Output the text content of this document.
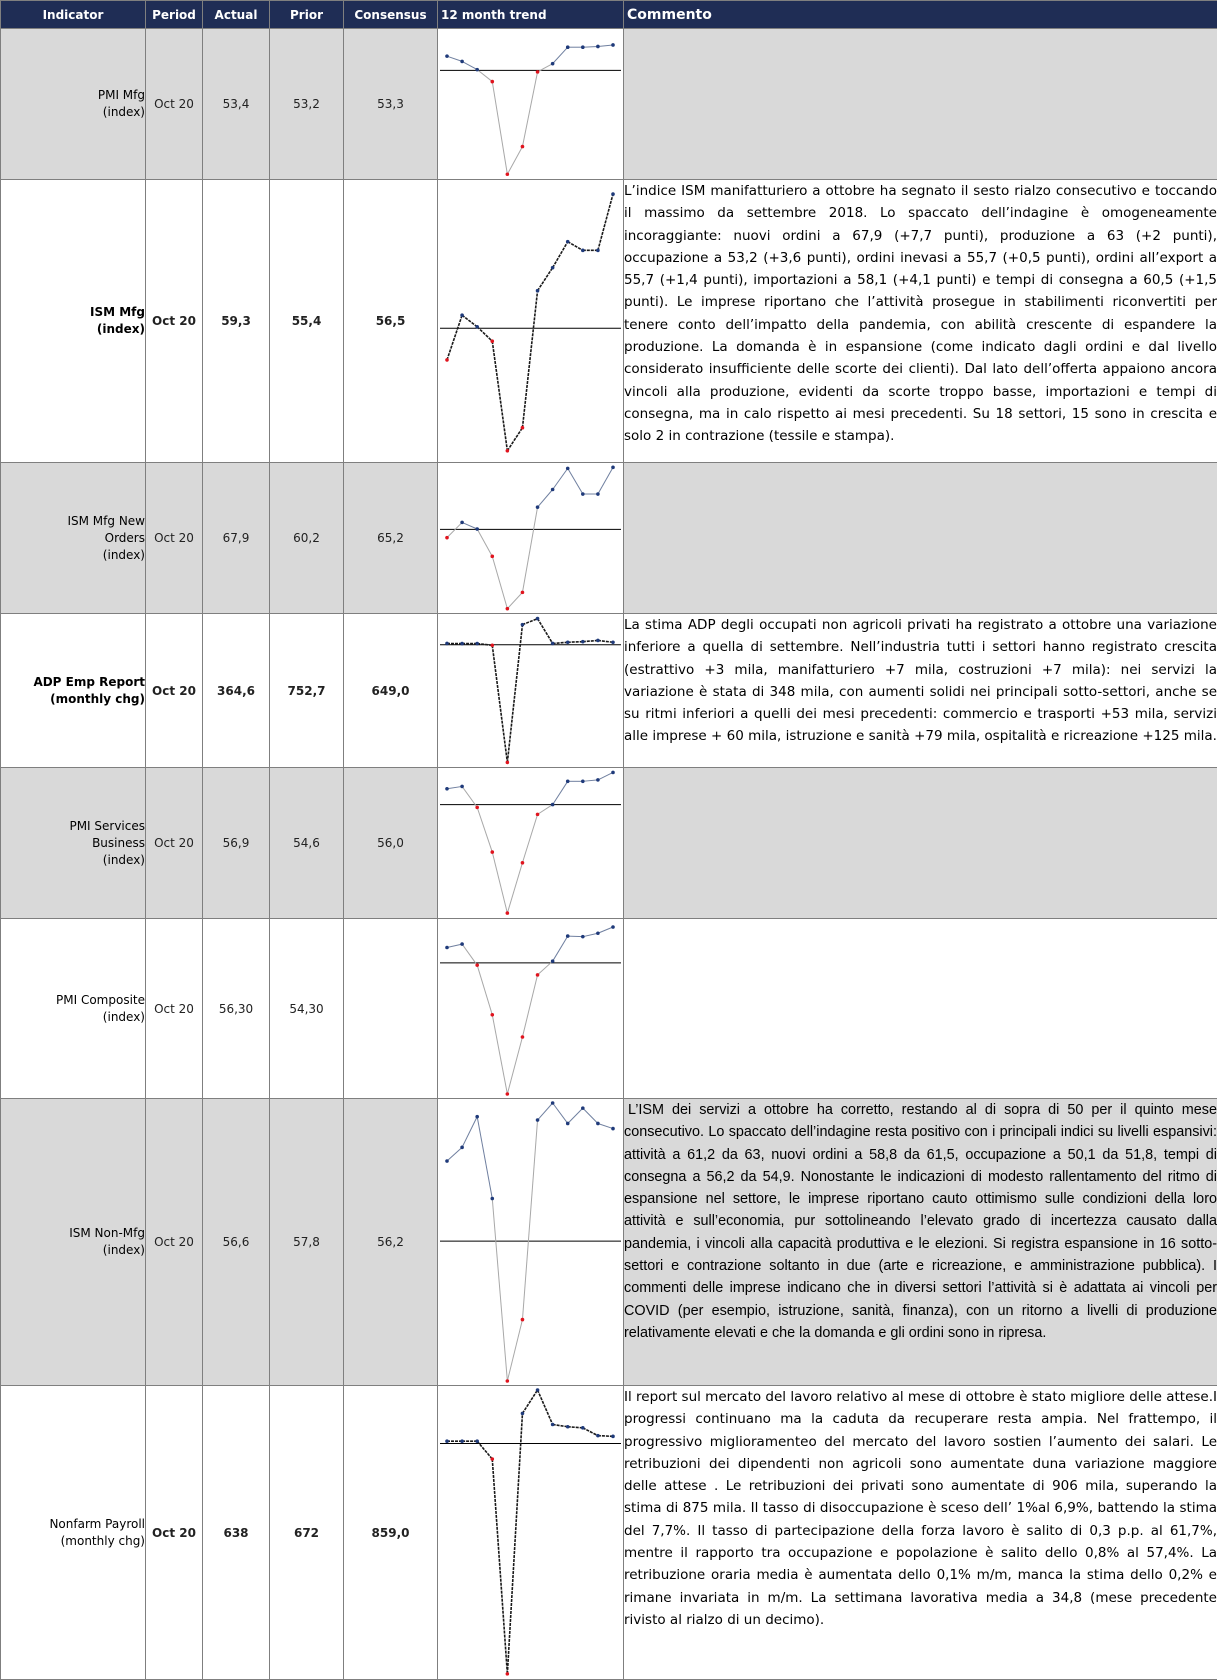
Indicator	Period	Actual	Prior	Consensus	12 month trend	Commento

PMI Mfg
(index)	Oct 20	53,4	53,2	53,3	

ISM Mfg
(index)	Oct 20	59,3	55,4	56,5		L’indice ISM manifatturiero a ottobre ha segnato il sesto rialzo consecutivo e toccando il massimo da settembre 2018. Lo spaccato dell’indagine è omogeneamente incoraggiante: nuovi ordini a 67,9 (+7,7 punti), produzione a 63 (+2 punti), occupazione a 53,2 (+3,6 punti), ordini inevasi a 55,7 (+0,5 punti), ordini all’export a 55,7 (+1,4 punti), importazioni a 58,1 (+4,1 punti) e tempi di consegna a 60,5 (+1,5 punti). Le imprese riportano che l’attività prosegue in stabilimenti riconvertiti per tenere conto dell’impatto della pandemia, con abilità crescente di espandere la produzione. La domanda è in espansione (come indicato dagli ordini e dal livello considerato insufficiente delle scorte dei clienti). Dal lato dell’offerta appaiono ancora vincoli alla produzione, evidenti da scorte troppo basse, importazioni e tempi di consegna, ma in calo rispetto ai mesi precedenti. Su 18 settori, 15 sono in crescita e solo 2 in contrazione (tessile e stampa).

ISM Mfg New
Orders
(index)	Oct 20	67,9	60,2	65,2	

ADP Emp Report
(monthly chg)	Oct 20	364,6	752,7	649,0		La stima ADP degli occupati non agricoli privati ha registrato a ottobre una variazione inferiore a quella di settembre. Nell’industria tutti i settori hanno registrato crescita (estrattivo +3 mila, manifatturiero +7 mila, costruzioni +7 mila): nei servizi la variazione è stata di 348 mila, con aumenti solidi nei principali sotto-settori, anche se su ritmi inferiori a quelli dei mesi precedenti: commercio e trasporti +53 mila, servizi alle imprese + 60 mila, istruzione e sanità +79 mila, ospitalità e ricreazione +125 mila.

PMI Services
Business
(index)	Oct 20	56,9	54,6	56,0	

PMI Composite
(index)	Oct 20	56,30	54,30		

ISM Non-Mfg
(index)	Oct 20	56,6	57,8	56,2		L’ISM dei servizi a ottobre ha corretto, restando al di sopra di 50 per il quinto mese consecutivo. Lo spaccato dell’indagine resta positivo con i principali indici su livelli espansivi: attività a 61,2 da 63, nuovi ordini a 58,8 da 61,5, occupazione a 50,1 da 51,8, tempi di consegna a 56,2 da 54,9. Nonostante le indicazioni di modesto rallentamento del ritmo di espansione nel settore, le imprese riportano cauto ottimismo sulle condizioni della loro attività e sull’economia, pur sottolineando l’elevato grado di incertezza causato dalla pandemia, i vincoli alla capacità produttiva e le elezioni. Si registra espansione in 16 sotto-settori e contrazione soltanto in due (arte e ricreazione, e amministrazione pubblica). I commenti delle imprese indicano che in diversi settori l’attività si è adattata ai vincoli per COVID (per esempio, istruzione, sanità, finanza), con un ritorno a livelli di produzione relativamente elevati e che la domanda e gli ordini sono in ripresa.

Nonfarm Payroll
(monthly chg)	Oct 20	638	672	859,0		Il report sul mercato del lavoro relativo al mese di ottobre è stato migliore delle attese.I progressi continuano ma la caduta da recuperare resta ampia. Nel frattempo, il progressivo miglioramenteo del mercato del lavoro sostien l’aumento dei salari. Le retribuzioni dei dipendenti non agricoli sono aumentate duna variazione maggiore delle attese . Le retribuzioni dei privati sono aumentate di 906 mila, superando la stima di 875 mila. Il tasso di disoccupazione è sceso dell’ 1%al 6,9%, battendo la stima del 7,7%. Il tasso di partecipazione della forza lavoro è salito di 0,3 p.p. al 61,7%, mentre il rapporto tra occupazione e popolazione è salito dello 0,8% al 57,4%. La retribuzione oraria media è aumentata dello 0,1% m/m, manca la stima dello 0,2% e rimane invariata in m/m. La settimana lavorativa media a 34,8 (mese precedente rivisto al rialzo di un decimo).
